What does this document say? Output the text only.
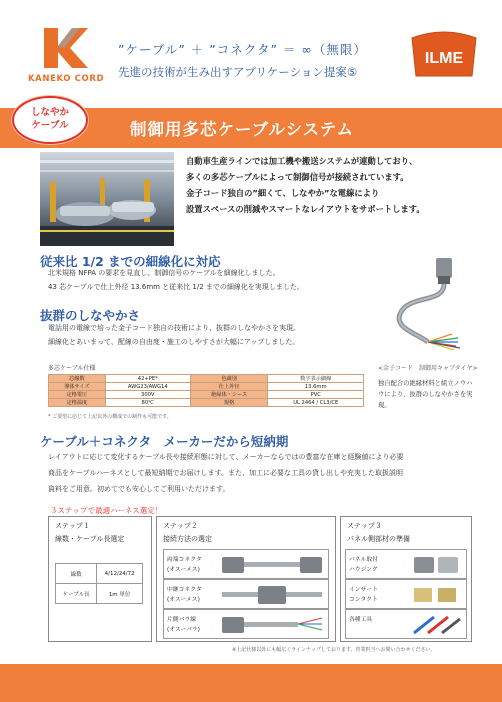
KANEKO CORD
”ケーブル” ＋ ”コネクタ” ＝ ∞（無限）
先進の技術が生み出すアプリケーション提案⑤
ILME
しなやか
ケーブル	制御用多芯ケーブルシステム
自動車生産ラインでは加工機や搬送システムが連動しており、
多くの多芯ケーブルによって制御信号が接続されています。
金子コード独自の”細くて、しなやか”な電線により
設置スペースの削減やスマートなレイアウトをサポートします。
従来比 1/2 までの細線化に対応
北米規格 NFPA の要求を見直し、制御信号のケーブルを細線化しました。
43 芯ケーブルで仕上外径 13.6mm と従来比 1/2 までの細線化を実現しました。
抜群のしなやかさ
電話用の電線で培った金子コード独自の技術により、抜群のしなやかさを実現。
細線化とあいまって、配線の自由度・施工のしやすさが大幅にアップしました。
<金子コード　制御用キャブタイヤ>
独自配合の絶縁材料と組立ノウハウにより、抜群のしなやかさを実現。
多芯ケーブル仕様
芯線数	42+PE*	色識別	数字表示細線
導体サイズ	AWG23/AWG14	仕上外径	13.6mm
定格電圧	300V	絶縁体・シース	PVC
定格温度	80℃	規格	UL 2464 / CL3/CE
* ご要望に応じて上記以外の構成での制作も可能です。
ケーブル＋コネクタ　メーカーだから短納期
レイアウトに応じて変化するケーブル長や接続形態に対して、メーカーならではの豊富な在庫と経験値により必要
商品をケーブルハーネスとして最短納期でお届けします。また、加工に必要な工具の貸し出しや充実した取扱説明
資料をご用意。初めてでも安心してご利用いただけます。
３ステップで最適ハーネス選定！
ステップ１
線数・ケーブル長選定
線数	4/12/24/72
ケーブル長	1m 単位
ステップ２
接続方法の選定
両端コネクタ
(オスーメス)
中継コネクタ
(オスーメス)
片側バラ線
(オスーバラ)
ステップ３
パネル側部材の準備
パネル取付
ハウジング
インサート
コンタクト
各種工具
※上記仕様以外にも幅広くラインナップしております。営業担当へお問い合わせください。
